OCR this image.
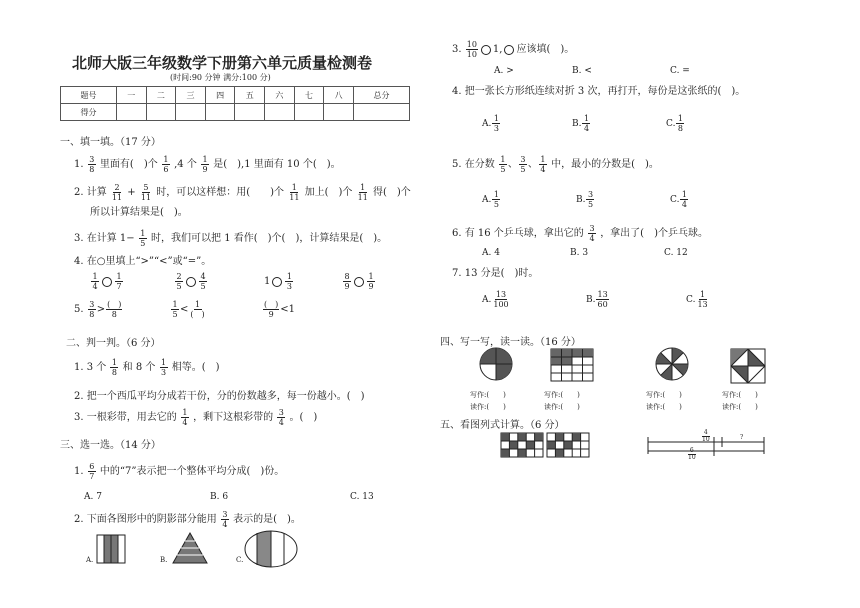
北师大版三年级数学下册第六单元质量检测卷
(时间:90 分钟 满分:100 分)
题号	一	二	三	四	五	六	七	八	总分
得分									
一、填一填。（17 分）
1. $\frac{3}{8}$ 里面有(　)个 $\frac{1}{6} ,4$ 个 $\frac{1}{9}$ 是(　),1 里面有 10 个(　)。
2. 计算 $\frac{2}{11} + \frac{5}{11}$ 时，可以这样想：用(　　)个 $\frac{1}{11}$ 加上(　)个 $\frac{1}{11}$ 得(　)个
所以计算结果是(　)。
3. 在计算 $1- \frac{1}{5}$ 时，我们可以把 1 看作(　)个(　)，计算结果是(　)。
4. 在○里填上“>”“<”或“=”。
$\frac{1}{4} \frac{1}{7}$	$\frac{2}{5} \frac{4}{5}$	$1 \frac{1}{3}$	$\frac{8}{9} \frac{1}{9}$
5. $\frac{3}{8}$ > (　)
8	$\frac{1}{5} < 1$
(　)
(　)
9 <1
二、判一判。（6 分）
1. 3 个 $\frac{1}{8}$ 和 8 个 $\frac{1}{3}$ 相等。(　)
2. 把一个西瓜平均分成若干份，分的份数越多，每一份越小。(　)
3. 一根彩带，用去它的 $\frac{1}{4}$ ，剩下这根彩带的 $\frac{3}{4}$ 。(　)
三、选一选。（14 分）
1. $\frac{6}{7}$ 中的“7”表示把一个整体平均分成(　)份。
A. 7	B. 6	C. 13
2. 下面各图形中的阴影部分能用 $\frac{3}{4}$ 表示的是(　)。
A.	B.	C.
3. $\frac{10}{10} 1$, 应该填(　)。
A. >	B. <	C. =
4. 把一张长方形纸连续对折 3 次，再打开，每份是这张纸的(　)。
A. $\frac{1}{3}$	B. $\frac{1}{4}$	C. $\frac{1}{8}$
5. 在分数 $\frac{1}{5}$ 、 $\frac{3}{5}$ 、 $\frac{1}{4}$ 中，最小的分数是(　)。
A. $\frac{1}{5}$	B. $\frac{3}{5}$	C. $\frac{1}{4}$
6. 有 16 个乒乓球，拿出它的 $\frac{3}{4}$ ，拿出了(　)个乒乓球。
A. 4	B. 3	C. 12
7. 13 分是(　)时。
A. $\frac{13}{100}$	B. $\frac{13}{60}$	C. $\frac{1}{13}$
四、写一写，读一读。（16 分）
写作:(　　)
读作:(　　)
写作:(　　)
读作:(　　)
写作:(　　)
读作:(　　)
写作:(　　)
读作:(　　)
五、看图列式计算。（6 分）
4
10	?
6
10
